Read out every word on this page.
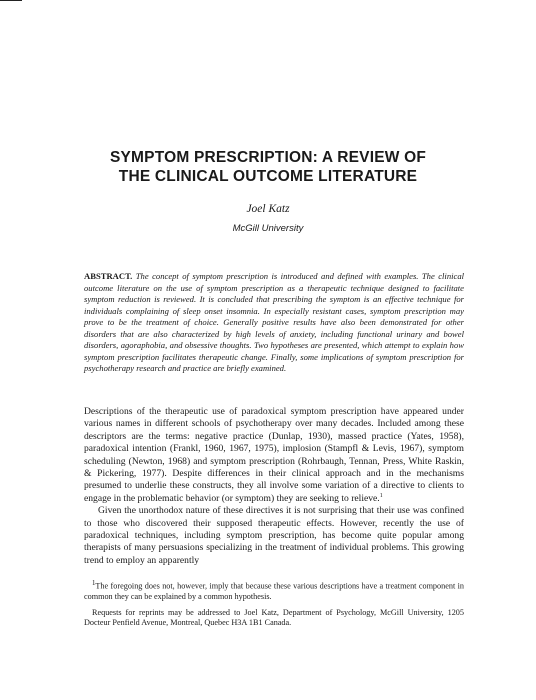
SYMPTOM PRESCRIPTION: A REVIEW OF
THE CLINICAL OUTCOME LITERATURE
Joel Katz
McGill University

ABSTRACT. The concept of symptom prescription is introduced and defined with examples. The clinical outcome literature on the use of symptom prescription as a therapeutic technique designed to facilitate symptom reduction is reviewed. It is concluded that prescribing the symptom is an effective technique for individuals complaining of sleep onset insomnia. In especially resistant cases, symptom prescription may prove to be the treatment of choice. Generally positive results have also been demonstrated for other disorders that are also characterized by high levels of anxiety, including functional urinary and bowel disorders, agoraphobia, and obsessive thoughts. Two hypotheses are presented, which attempt to explain how symptom prescription facilitates therapeutic change. Finally, some implications of symptom prescription for psychotherapy research and practice are briefly examined.

Descriptions of the therapeutic use of paradoxical symptom prescription have appeared under various names in different schools of psychotherapy over many decades. Included among these descriptors are the terms: negative practice (Dunlap, 1930), massed practice (Yates, 1958), paradoxical intention (Frankl, 1960, 1967, 1975), implosion (Stampfl & Levis, 1967), symptom scheduling (Newton, 1968) and symptom prescription (Rohrbaugh, Tennan, Press, White Raskin, & Pickering, 1977). Despite differences in their clinical approach and in the mechanisms presumed to underlie these constructs, they all involve some variation of a directive to clients to engage in the problematic behavior (or symptom) they are seeking to relieve.$^1$

Given the unorthodox nature of these directives it is not surprising that their use was confined to those who discovered their supposed therapeutic effects. However, recently the use of paradoxical techniques, including symptom prescription, has become quite popular among therapists of many persuasions specializing in the treatment of individual problems. This growing trend to employ an apparently

$^1$The foregoing does not, however, imply that because these various descriptions have a treatment component in common they can be explained by a common hypothesis.

Requests for reprints may be addressed to Joel Katz, Department of Psychology, McGill University, 1205 Docteur Penfield Avenue, Montreal, Quebec H3A 1B1 Canada.
